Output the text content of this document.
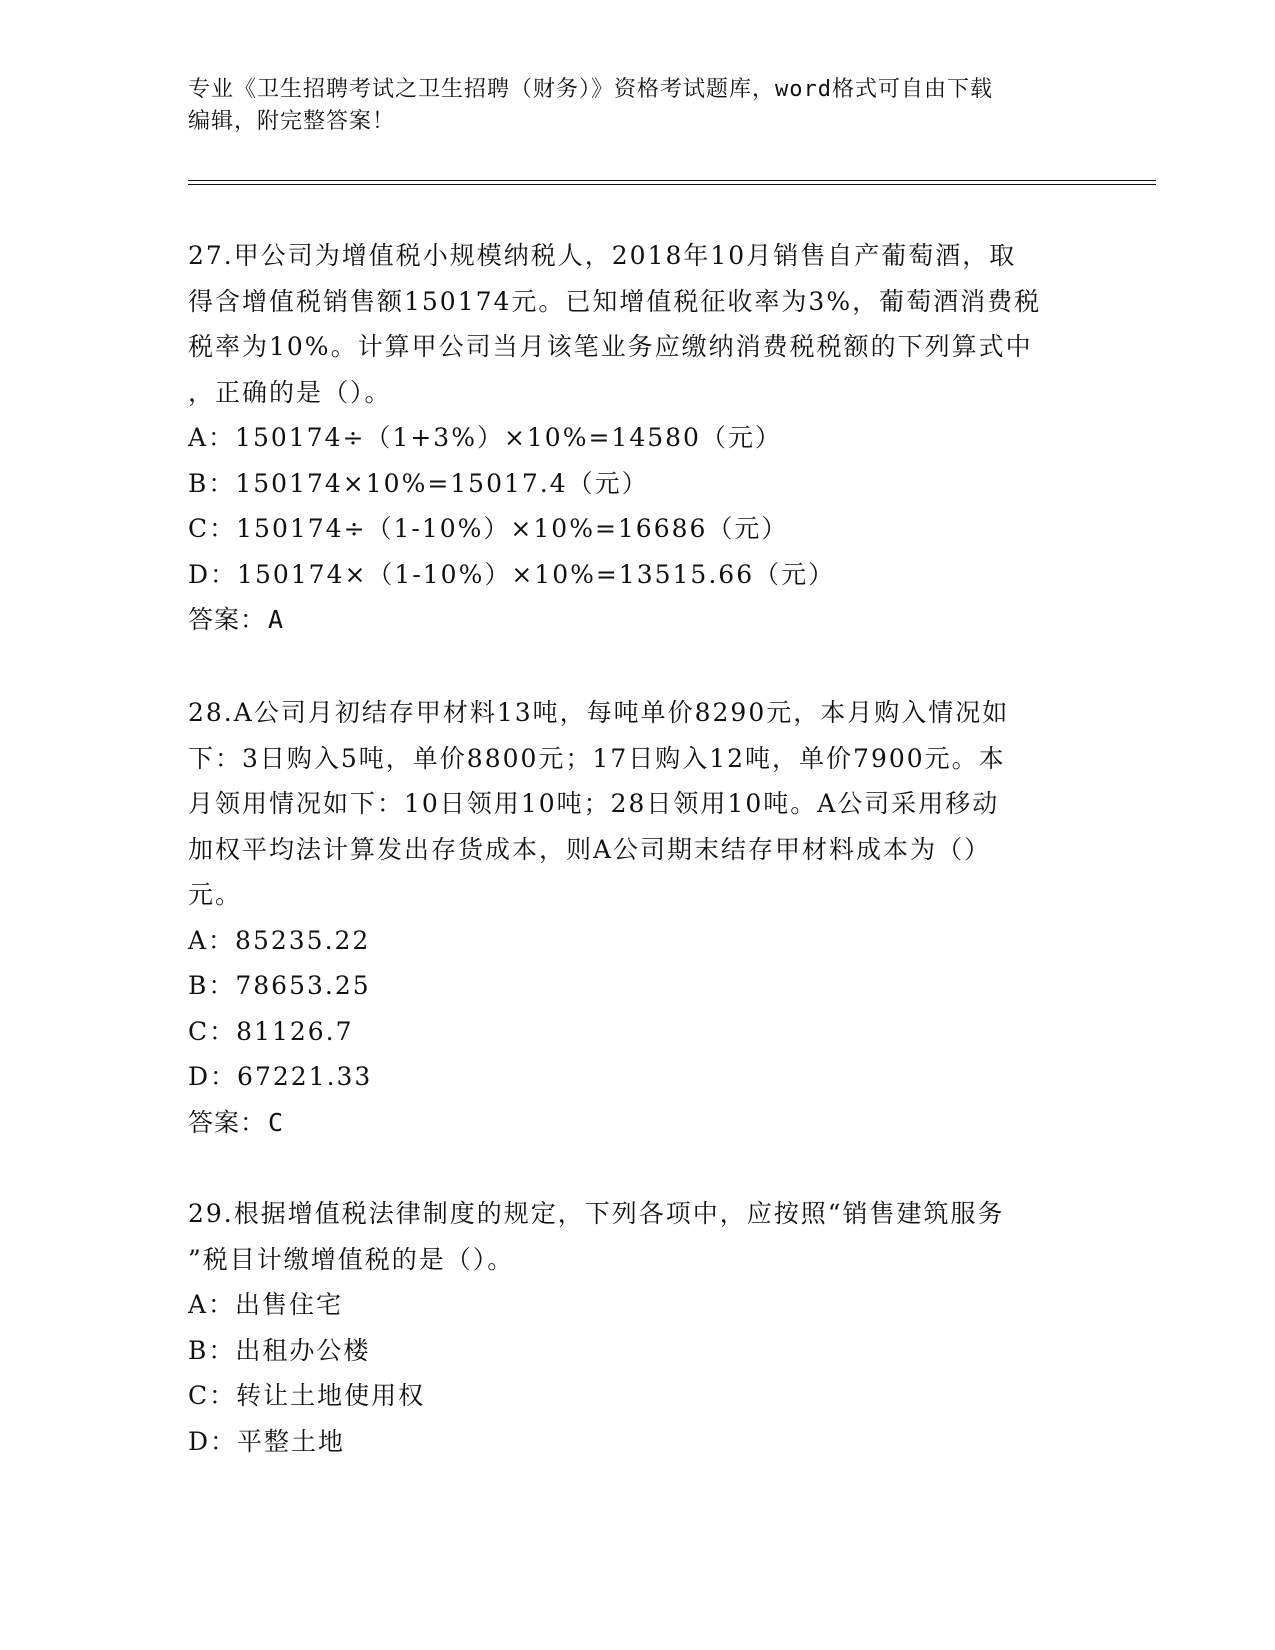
专业《卫生招聘考试之卫生招聘（财务）》资格考试题库，word格式可自由下载
编辑，附完整答案！
27.甲公司为增值税小规模纳税人，2018年10月销售自产葡萄酒，取
得含增值税销售额150174元。已知增值税征收率为3%，葡萄酒消费税
税率为10%。计算甲公司当月该笔业务应缴纳消费税税额的下列算式中
，正确的是（）。
A：150174÷（1+3%）×10%=14580（元）
B：150174×10%=15017.4（元）
C：150174÷（1-10%）×10%=16686（元）
D：150174×（1-10%）×10%=13515.66（元）
答案：A
28.A公司月初结存甲材料13吨，每吨单价8290元，本月购入情况如
下：3日购入5吨，单价8800元；17日购入12吨，单价7900元。本
月领用情况如下：10日领用10吨；28日领用10吨。A公司采用移动
加权平均法计算发出存货成本，则A公司期末结存甲材料成本为（）
元。
A：85235.22
B：78653.25
C：81126.7
D：67221.33
答案：C
29.根据增值税法律制度的规定，下列各项中，应按照“销售建筑服务
”税目计缴增值税的是（）。
A：出售住宅
B：出租办公楼
C：转让土地使用权
D：平整土地
